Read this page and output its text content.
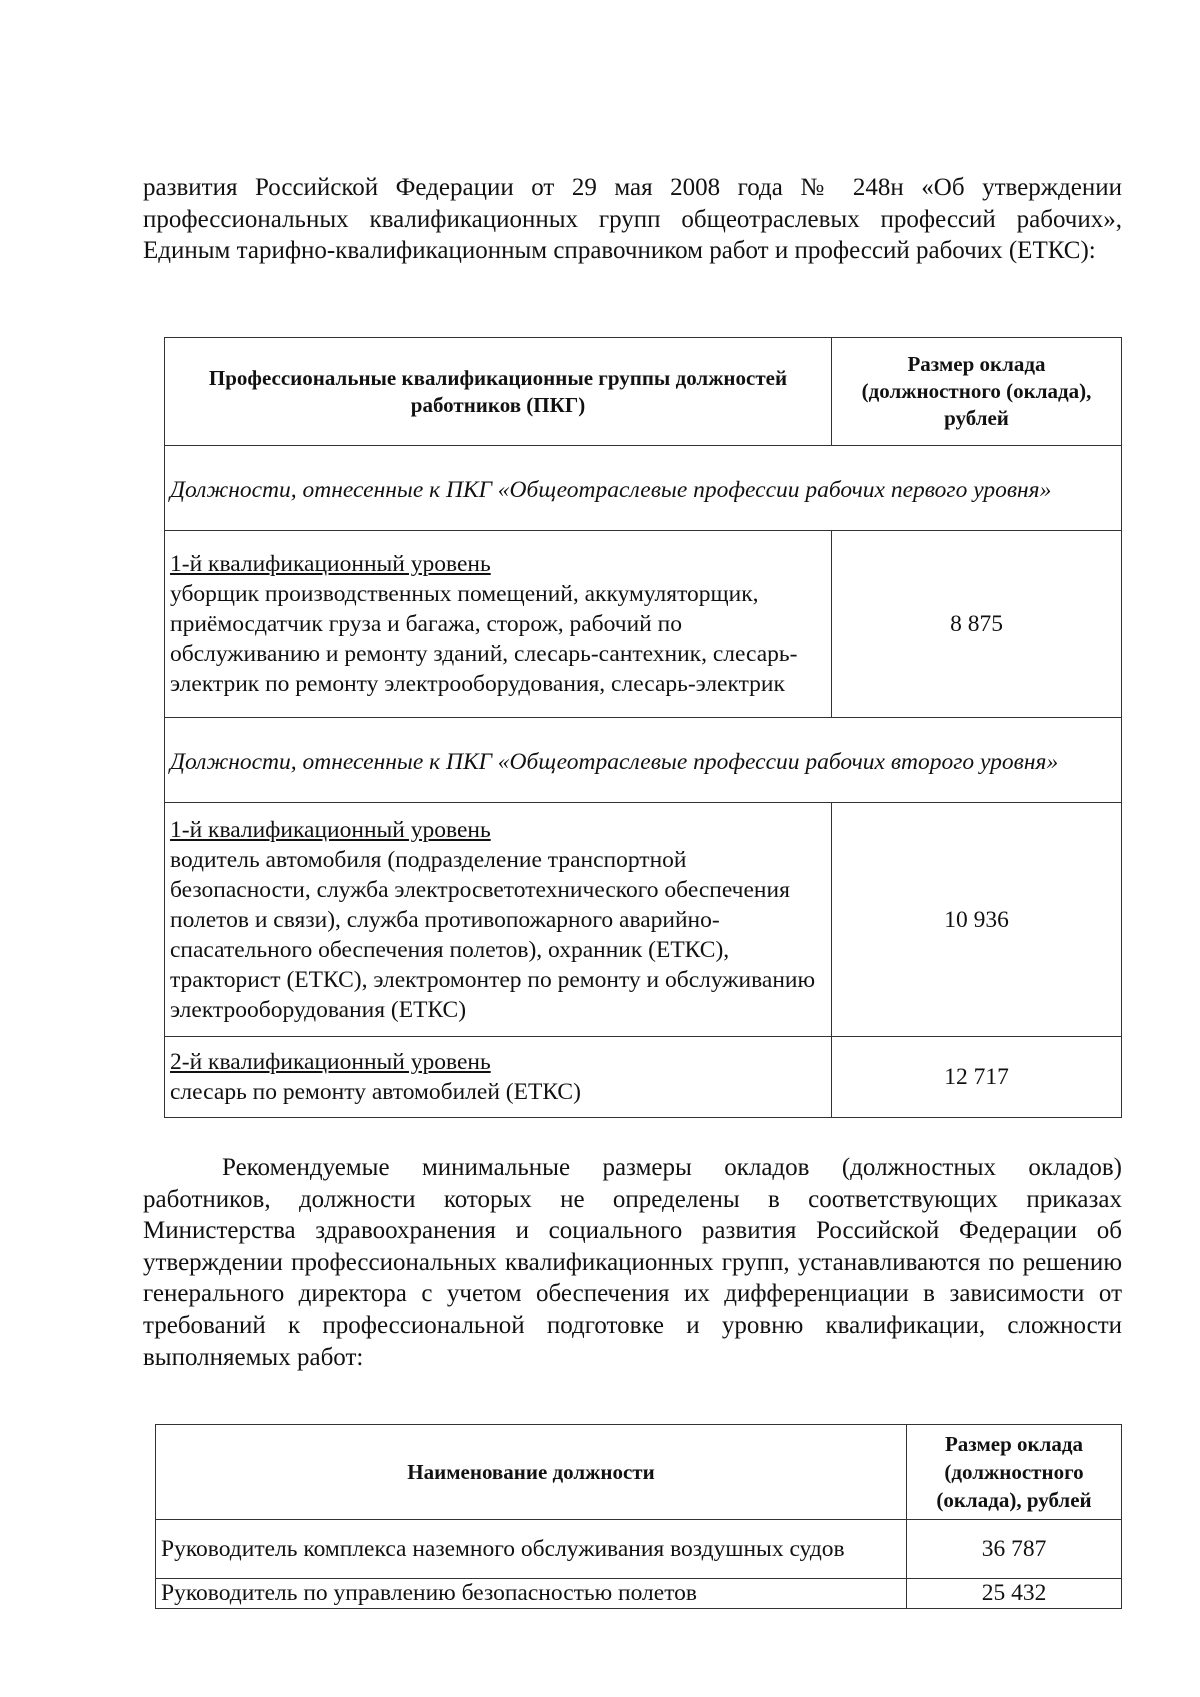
развития Российской Федерации от 29 мая 2008 года № 248н «Об утверждении профессиональных квалификационных групп общеотраслевых профессий рабочих», Единым тарифно-квалификационным справочником работ и профессий рабочих (ЕТКС):

Профессиональные квалификационные группы должностей работников (ПКГ)	Размер оклада (должностного (оклада), рублей
Должности, отнесенные к ПКГ «Общеотраслевые профессии рабочих первого уровня»	

1-й квалификационный уровень
уборщик производственных помещений, аккумуляторщик, приёмосдатчик груза и багажа, сторож, рабочий по обслуживанию и ремонту зданий, слесарь-сантехник, слесарь-электрик по ремонту электрооборудования, слесарь-электрик	8 875
Должности, отнесенные к ПКГ «Общеотраслевые профессии рабочих второго уровня»	

1-й квалификационный уровень
водитель автомобиля (подразделение транспортной безопасности, служба электросветотехнического обеспечения полетов и связи), служба противопожарного аварийно-спасательного обеспечения полетов), охранник (ЕТКС), тракторист (ЕТКС), электромонтер по ремонту и обслуживанию электрооборудования (ЕТКС)	10 936

2-й квалификационный уровень
слесарь по ремонту автомобилей (ЕТКС)	12 717

Рекомендуемые минимальные размеры окладов (должностных окладов) работников, должности которых не определены в соответствующих приказах Министерства здравоохранения и социального развития Российской Федерации об утверждении профессиональных квалификационных групп, устанавливаются по решению генерального директора с учетом обеспечения их дифференциации в зависимости от требований к профессиональной подготовке и уровню квалификации, сложности выполняемых работ:

Наименование должности	Размер оклада (должностного (оклада), рублей
Руководитель комплекса наземного обслуживания воздушных судов	36 787
Руководитель по управлению безопасностью полетов	25 432
